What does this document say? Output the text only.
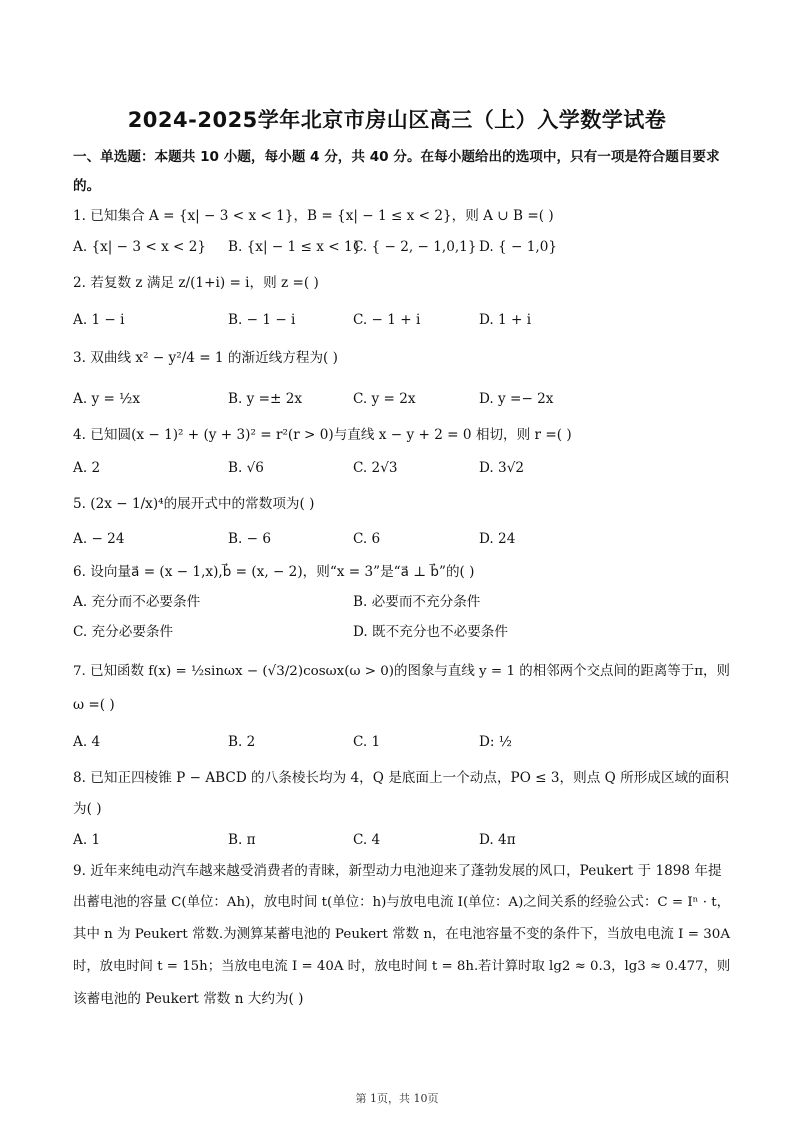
2024-2025学年北京市房山区高三（上）入学数学试卷
一、单选题：本题共 10 小题，每小题 4 分，共 40 分。在每小题给出的选项中，只有一项是符合题目要求
的。
1. 已知集合 A = {x| − 3 < x < 1}，B = {x| − 1 ≤ x < 2}，则 A ∪ B =( )
A. {x| − 3 < x < 2} B. {x| − 1 ≤ x < 1}
C. { − 2, − 1,0,1} D. { − 1,0}
2. 若复数 z 满足 z/(1+i) = i，则 z =( )
A. 1 − i	B. − 1 − i	C. − 1 + i	D. 1 + i
3. 双曲线 x² − y²/4 = 1 的渐近线方程为( )
A. y = ½x	B. y =± 2x	C. y = 2x	D. y =− 2x
4. 已知圆(x − 1)² + (y + 3)² = r²(r > 0)与直线 x − y + 2 = 0 相切，则 r =( )
A. 2	B. √6	C. 2√3	D. 3√2
5. (2x − 1/x)⁴的展开式中的常数项为( )
A. − 24	B. − 6	C. 6	D. 24
6. 设向量a⃗ = (x − 1,x),b⃗ = (x, − 2)，则“x = 3”是“a⃗ ⊥ b⃗”的( )
A. 充分而不必要条件	B. 必要而不充分条件
C. 充分必要条件	D. 既不充分也不必要条件
7. 已知函数 f(x) = ½sinωx − (√3/2)cosωx(ω > 0)的图象与直线 y = 1 的相邻两个交点间的距离等于π，则
ω =( )
A. 4	B. 2	C. 1	D: ½
8. 已知正四棱锥 P − ABCD 的八条棱长均为 4，Q 是底面上一个动点，PO ≤ 3，则点 Q 所形成区域的面积
为( )
A. 1	B. π	C. 4	D. 4π
9. 近年来纯电动汽车越来越受消费者的青睐，新型动力电池迎来了蓬勃发展的风口，Peukert 于 1898 年提
出蓄电池的容量 C(单位：Ah)，放电时间 t(单位：h)与放电电流 I(单位：A)之间关系的经验公式：C = Iⁿ · t，
其中 n 为 Peukert 常数.为测算某蓄电池的 Peukert 常数 n，在电池容量不变的条件下，当放电电流 I = 30A
时，放电时间 t = 15h；当放电电流 I = 40A 时，放电时间 t = 8h.若计算时取 lg2 ≈ 0.3，lg3 ≈ 0.477，则
该蓄电池的 Peukert 常数 n 大约为( )
第 1页，共 10页
